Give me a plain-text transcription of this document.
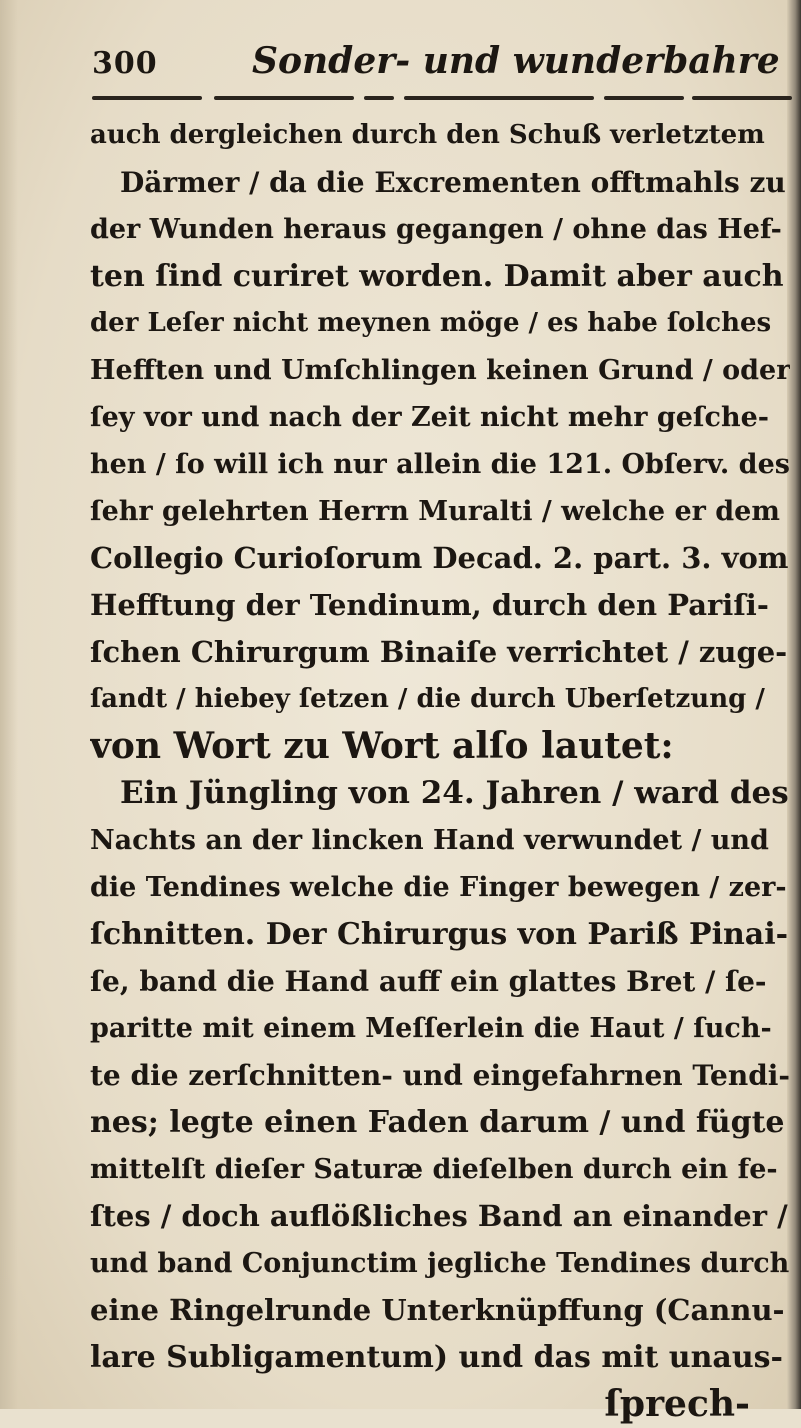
300	Sonder- und wunderbahre
auch dergleichen durch den Schuß verletztem
Därmer / da die Excrementen offtmahls zu
der Wunden heraus gegangen / ohne das Hef-
ten ſind curiret worden. Damit aber auch
der Leſer nicht meynen möge / es habe ſolches
Hefften und Umſchlingen keinen Grund / oder
ſey vor und nach der Zeit nicht mehr geſche-
hen / ſo will ich nur allein die 121. Obſerv. des
ſehr gelehrten Herrn Muralti / welche er dem
Collegio Curioſorum Decad. 2. part. 3. vom
Hefftung der Tendinum, durch den Pariſi-
ſchen Chirurgum Binaiſe verrichtet / zuge-
ſandt / hiebey ſetzen / die durch Uberſetzung /
von Wort zu Wort alſo lautet:
Ein Jüngling von 24. Jahren / ward des
Nachts an der lincken Hand verwundet / und
die Tendines welche die Finger bewegen / zer-
ſchnitten. Der Chirurgus von Pariß Pinai-
ſe, band die Hand auff ein glattes Bret / ſe-
paritte mit einem Meſſerlein die Haut / ſuch-
te die zerſchnitten- und eingefahrnen Tendi-
nes; legte einen Faden darum / und fügte
mittelſt dieſer Saturæ dieſelben durch ein fe-
ſtes / doch auflößliches Band an einander /
und band Conjunctim jegliche Tendines durch
eine Ringelrunde Unterknüpffung (Cannu-
lare Subligamentum) und das mit unaus-
ſprech-
